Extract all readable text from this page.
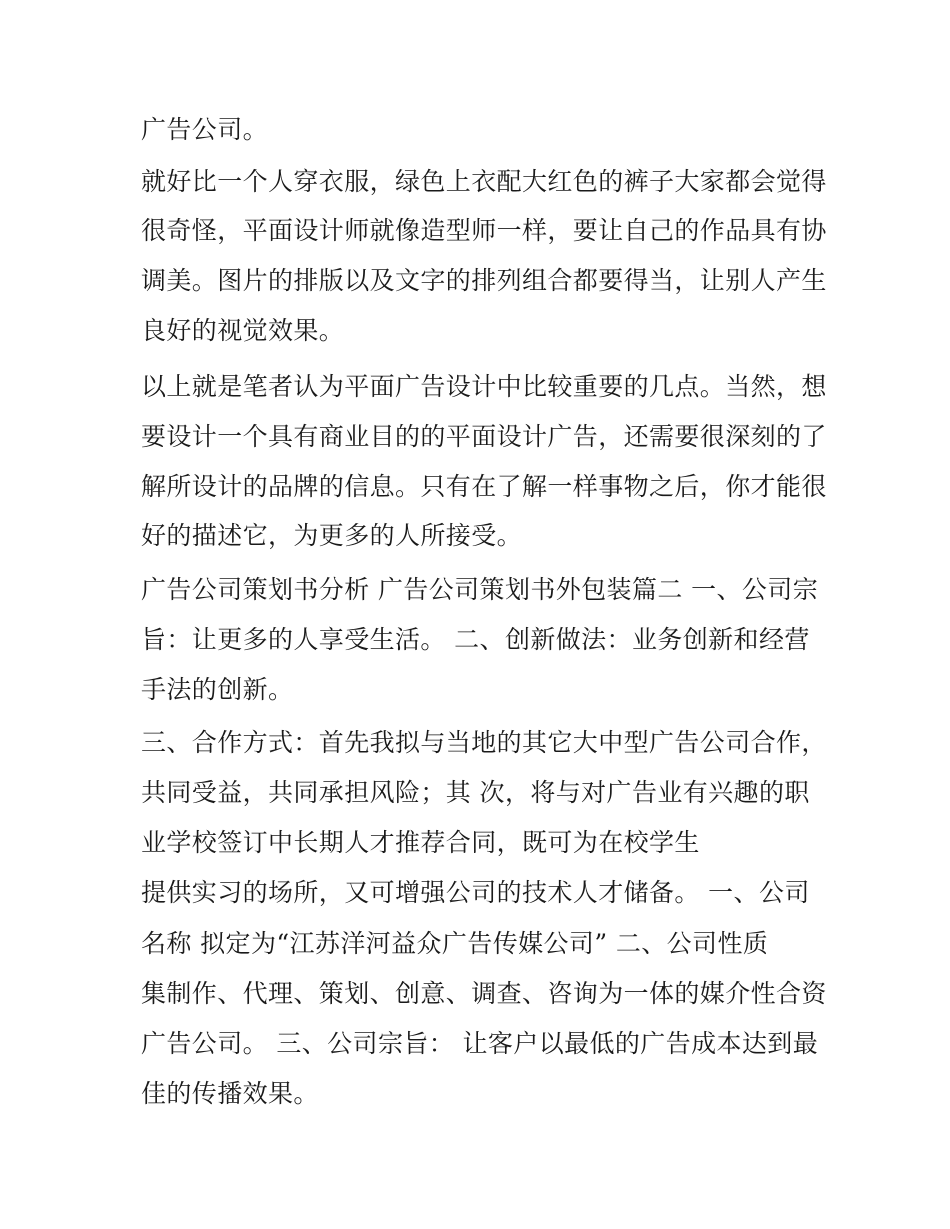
广告公司。

就好比一个人穿衣服，绿色上衣配大红色的裤子大家都会觉得

很奇怪，平面设计师就像造型师一样，要让自己的作品具有协

调美。图片的排版以及文字的排列组合都要得当，让别人产生

良好的视觉效果。

以上就是笔者认为平面广告设计中比较重要的几点。当然，想

要设计一个具有商业目的的平面设计广告，还需要很深刻的了

解所设计的品牌的信息。只有在了解一样事物之后，你才能很

好的描述它，为更多的人所接受。

广告公司策划书分析 广告公司策划书外包装篇二 一、公司宗

旨：让更多的人享受生活。 二、创新做法：业务创新和经营

手法的创新。

三、合作方式：首先我拟与当地的其它大中型广告公司合作，

共同受益，共同承担风险；其 次，将与对广告业有兴趣的职

业学校签订中长期人才推荐合同，既可为在校学生

提供实习的场所，又可增强公司的技术人才储备。 一、公司

名称 拟定为“江苏洋河益众广告传媒公司” 二、公司性质

集制作、代理、策划、创意、调查、咨询为一体的媒介性合资

广告公司。 三、公司宗旨： 让客户以最低的广告成本达到最

佳的传播效果。
